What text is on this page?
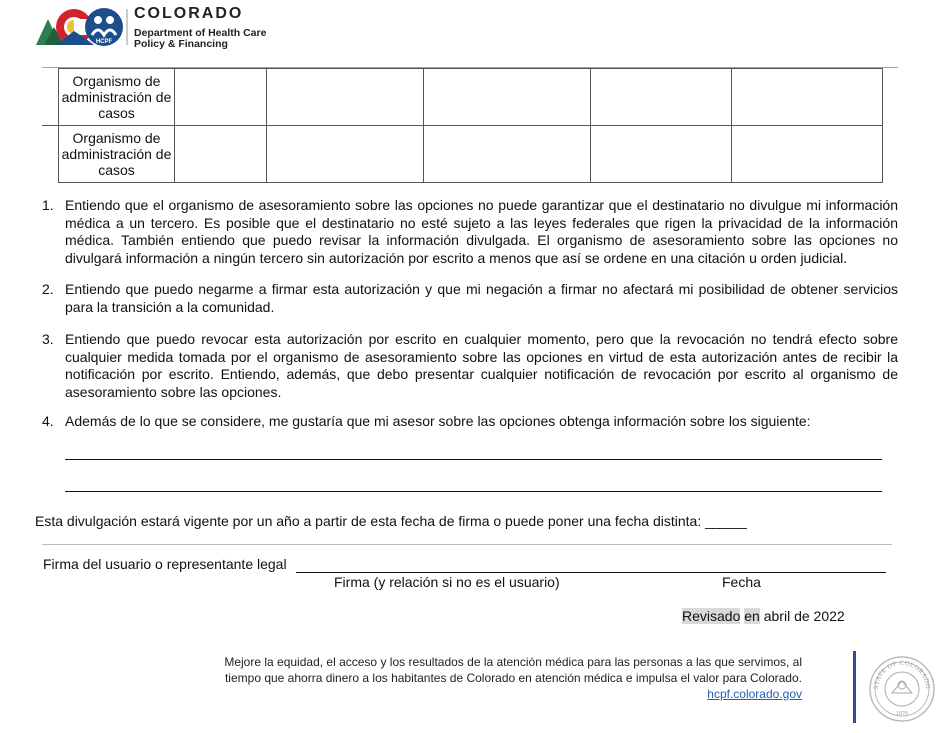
HCPF
COLORADO
Department of Health Care
Policy & Financing
	Organismo de administración de casos					
	Organismo de administración de casos					
1. Entiendo que el organismo de asesoramiento sobre las opciones no puede garantizar que el destinatario no divulgue mi información médica a un tercero. Es posible que el destinatario no esté sujeto a las leyes federales que rigen la privacidad de la información médica. También entiendo que puedo revisar la información divulgada. El organismo de asesoramiento sobre las opciones no divulgará información a ningún tercero sin autorización por escrito a menos que así se ordene en una citación u orden judicial.
2. Entiendo que puedo negarme a firmar esta autorización y que mi negación a firmar no afectará mi posibilidad de obtener servicios para la transición a la comunidad.
3. Entiendo que puedo revocar esta autorización por escrito en cualquier momento, pero que la revocación no tendrá efecto sobre cualquier medida tomada por el organismo de asesoramiento sobre las opciones en virtud de esta autorización antes de recibir la notificación por escrito. Entiendo, además, que debo presentar cualquier notificación de revocación por escrito al organismo de asesoramiento sobre las opciones.
4. Además de lo que se considere, me gustaría que mi asesor sobre las opciones obtenga información sobre los siguiente:
Esta divulgación estará vigente por un año a partir de esta fecha de firma o puede poner una fecha distinta: ______
Firma del usuario o representante legal
Firma (y relación si no es el usuario)	Fecha
Revisado en abril de 2022
Mejore la equidad, el acceso y los resultados de la atención médica para las personas a las que servimos, al
tiempo que ahorra dinero a los habitantes de Colorado en atención médica e impulsa el valor para Colorado.
hcpf.colorado.gov	STATE OF COLORADO
1876
